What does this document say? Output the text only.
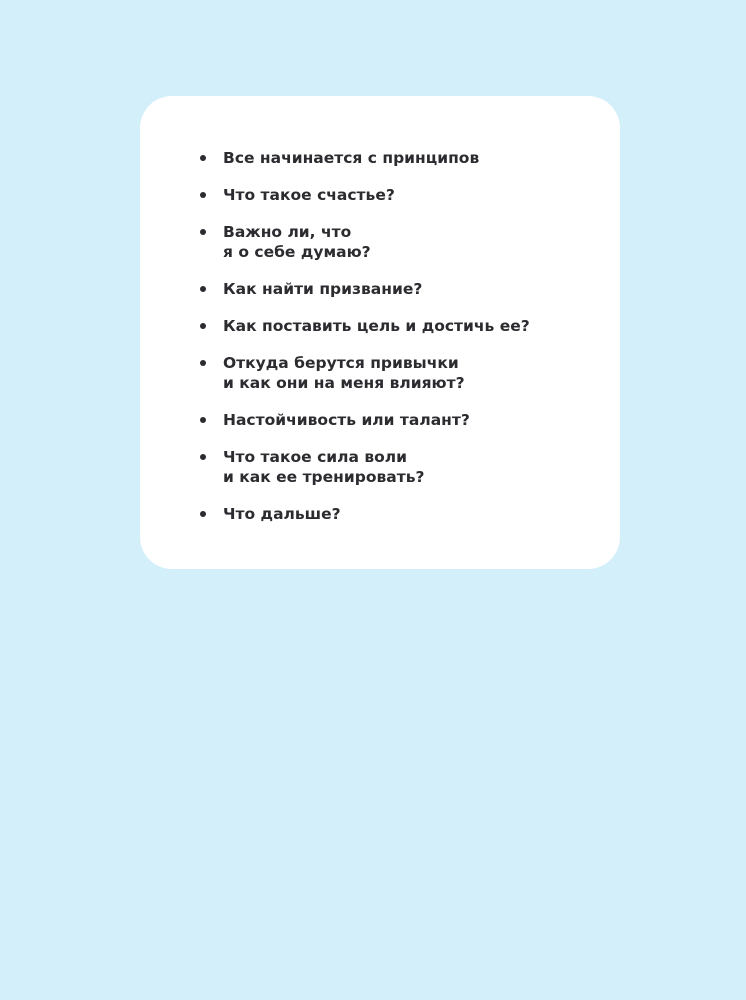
Все начинается с принципов
Что такое счастье?
Важно ли, что
я о себе думаю?
Как найти призвание?
Как поставить цель и достичь ее?
Откуда берутся привычки
и как они на меня влияют?
Настойчивость или талант?
Что такое сила воли
и как ее тренировать?
Что дальше?
